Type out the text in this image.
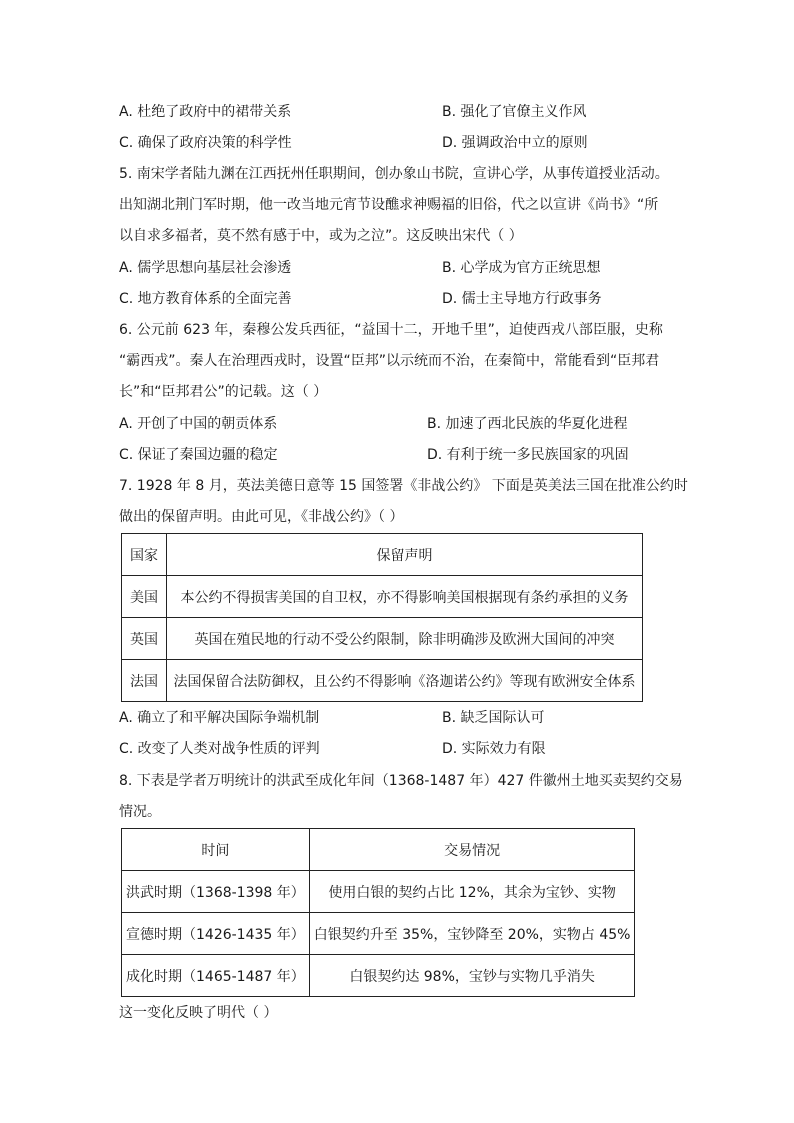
A. 杜绝了政府中的裙带关系	B. 强化了官僚主义作风
C. 确保了政府决策的科学性	D. 强调政治中立的原则
5. 南宋学者陆九渊在江西抚州任职期间，创办象山书院，宣讲心学，从事传道授业活动。
出知湖北荆门军时期，他一改当地元宵节设醮求神赐福的旧俗，代之以宣讲《尚书》“所
以自求多福者，莫不然有感于中，或为之泣”。这反映出宋代（ ）
A. 儒学思想向基层社会渗透	B. 心学成为官方正统思想
C. 地方教育体系的全面完善	D. 儒士主导地方行政事务
6. 公元前 623 年，秦穆公发兵西征，“益国十二，开地千里”，迫使西戎八部臣服，史称
“霸西戎”。秦人在治理西戎时，设置“臣邦”以示统而不治，在秦简中，常能看到“臣邦君
长”和“臣邦君公”的记载。这（ ）
A. 开创了中国的朝贡体系	B. 加速了西北民族的华夏化进程
C. 保证了秦国边疆的稳定	D. 有利于统一多民族国家的巩固
7. 1928 年 8 月，英法美德日意等 15 国签署《非战公约》 下面是英美法三国在批准公约时
做出的保留声明。由此可见，《非战公约》（ ）
国家	保留声明
美国	本公约不得损害美国的自卫权，亦不得影响美国根据现有条约承担的义务
英国	英国在殖民地的行动不受公约限制，除非明确涉及欧洲大国间的冲突
法国	法国保留合法防御权，且公约不得影响《洛迦诺公约》等现有欧洲安全体系
A. 确立了和平解决国际争端机制	B. 缺乏国际认可
C. 改变了人类对战争性质的评判	D. 实际效力有限
8. 下表是学者万明统计的洪武至成化年间（1368-1487 年）427 件徽州土地买卖契约交易
情况。
时间	交易情况
洪武时期（1368-1398 年）	使用白银的契约占比 12%，其余为宝钞、实物
宣德时期（1426-1435 年）	白银契约升至 35%，宝钞降至 20%，实物占 45%
成化时期（1465-1487 年）	白银契约达 98%，宝钞与实物几乎消失
这一变化反映了明代（ ）
